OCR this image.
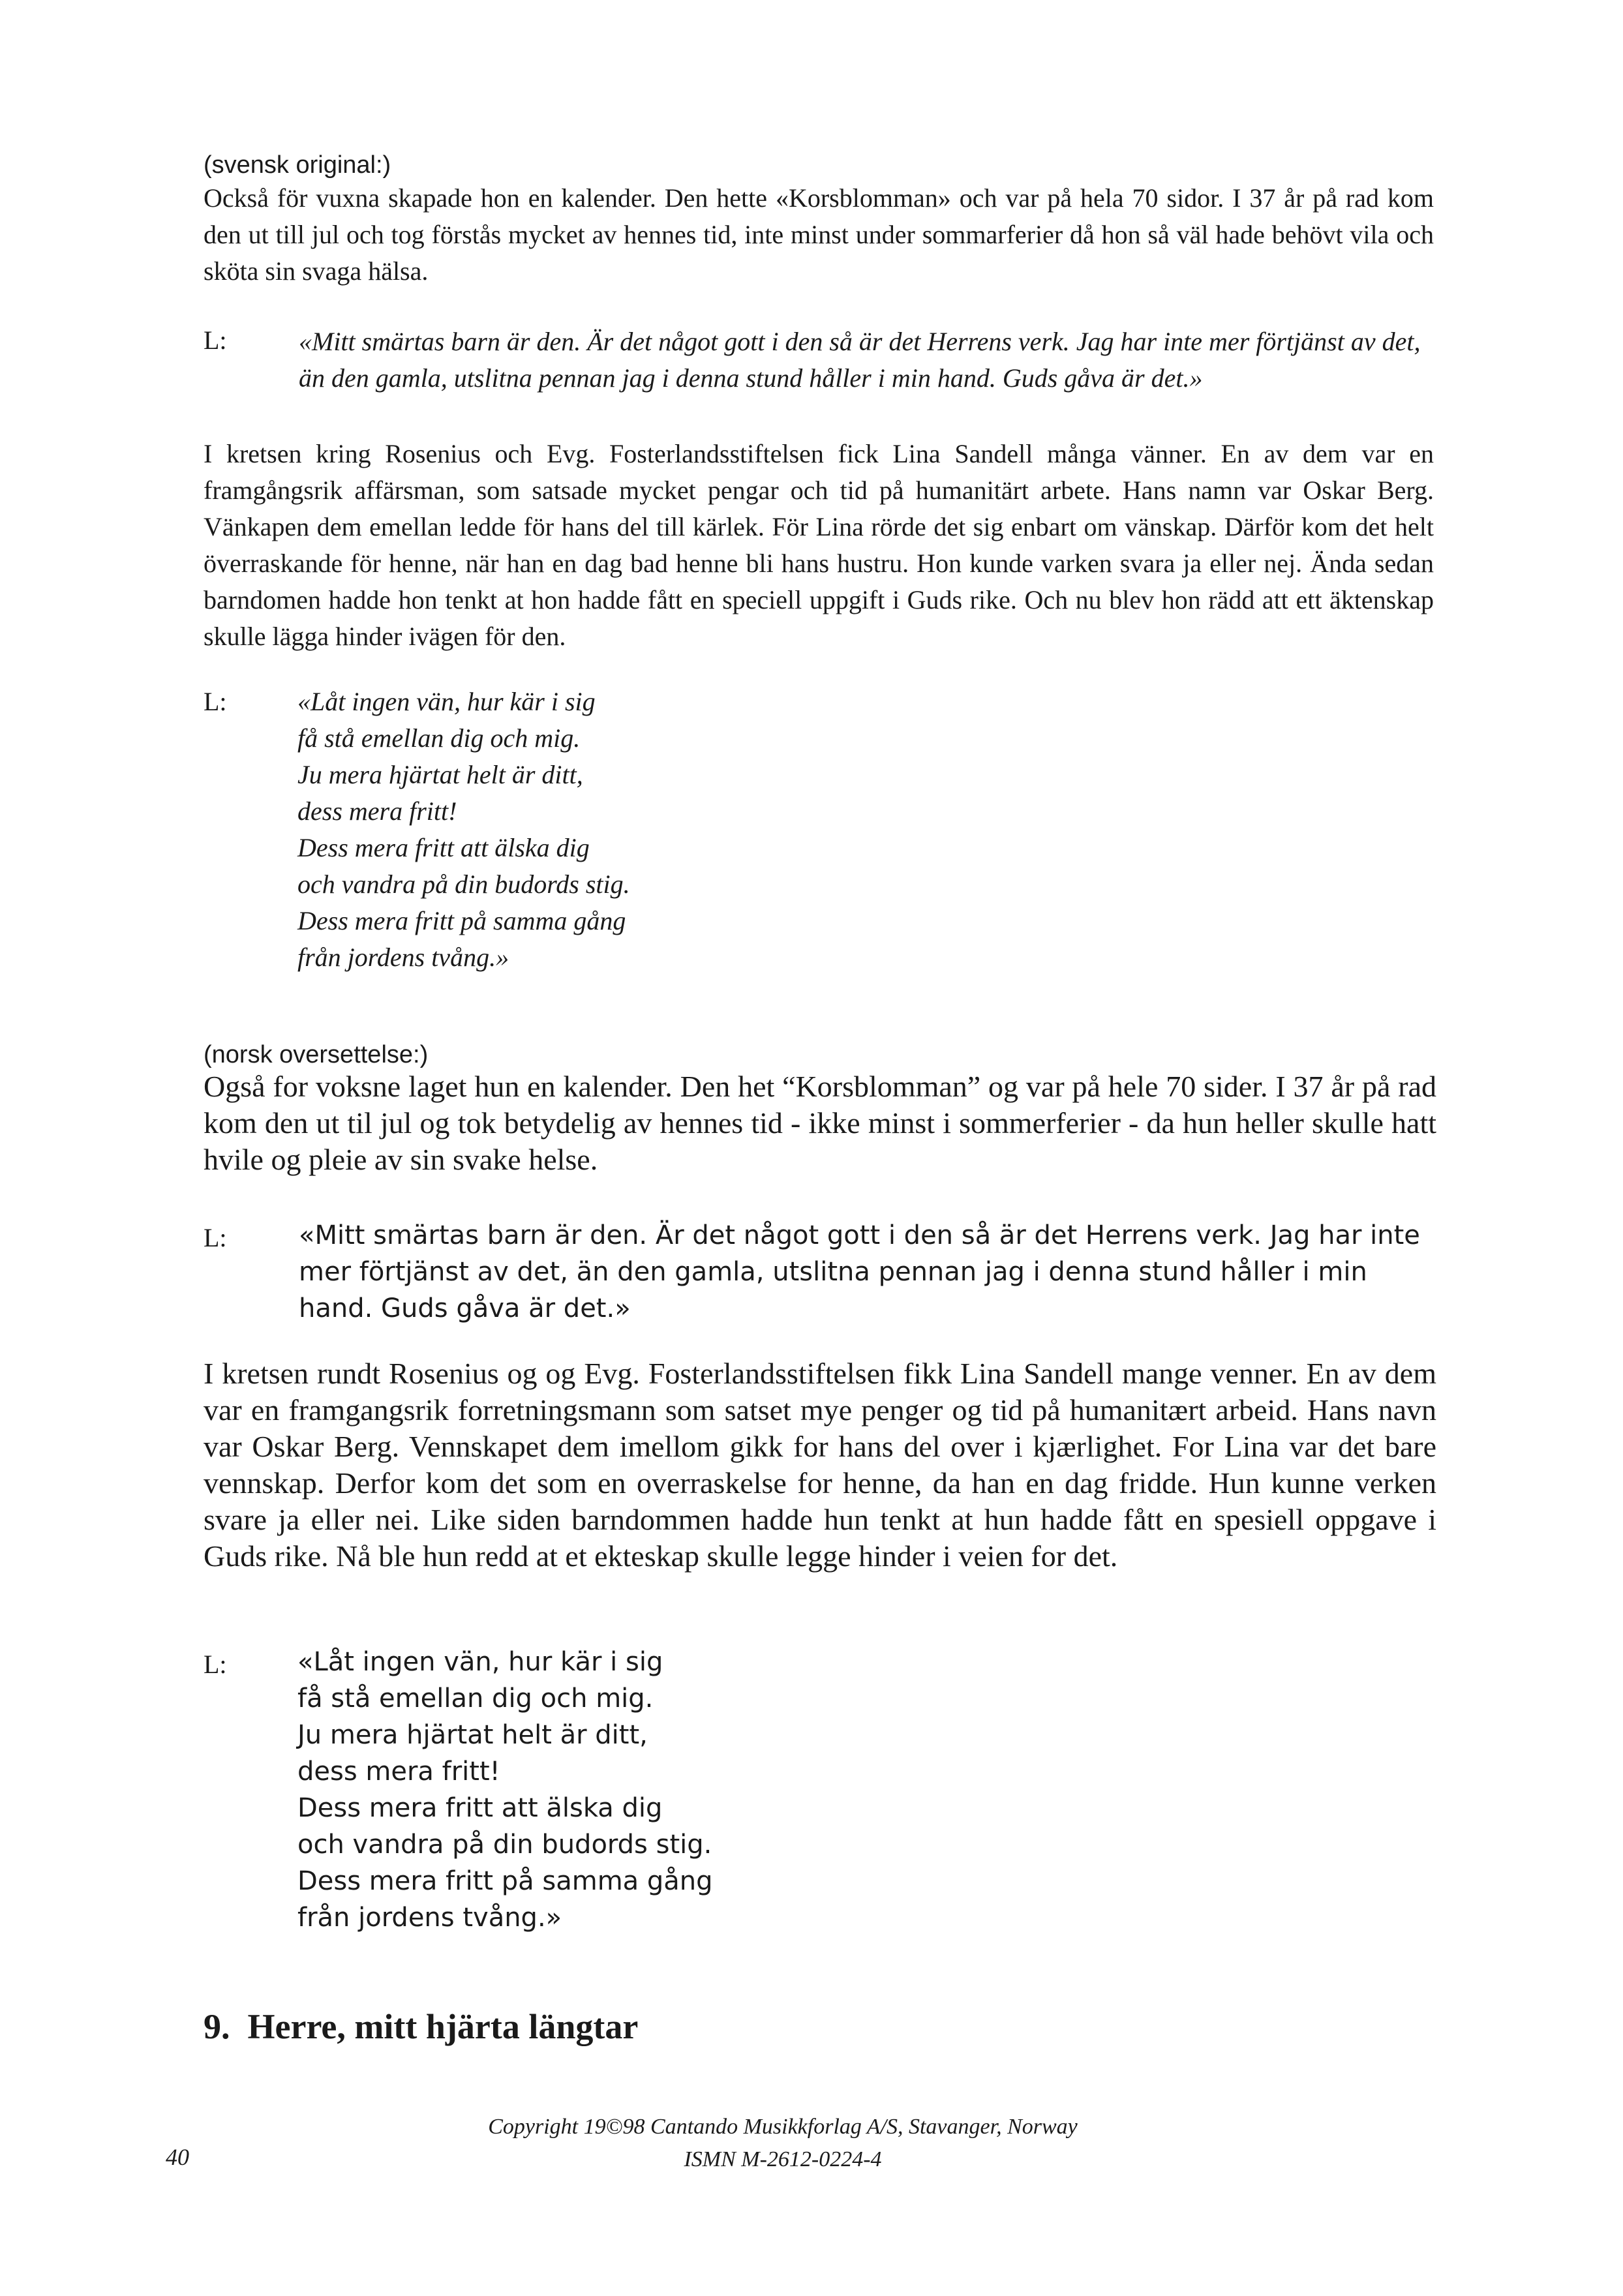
(svensk original:)
Också för vuxna skapade hon en kalender. Den hette «Korsblomman» och var på hela 70 sidor. I 37 år på rad kom den ut till jul och tog förstås mycket av hennes tid, inte minst under sommarferier då hon så väl hade behövt vila och sköta sin svaga hälsa.
L:	«Mitt smärtas barn är den. Är det något gott i den så är det Herrens verk. Jag har inte mer förtjänst av det, än den gamla, utslitna pennan jag i denna stund håller i min hand. Guds gåva är det.»
I kretsen kring Rosenius och Evg. Fosterlandsstiftelsen fick Lina Sandell många vänner. En av dem var en framgångsrik affärsman, som satsade mycket pengar och tid på humanitärt arbete. Hans namn var Oskar Berg. Vänkapen dem emellan ledde för hans del till kärlek. För Lina rörde det sig enbart om vänskap. Därför kom det helt överraskande för henne, när han en dag bad henne bli hans hustru. Hon kunde varken svara ja eller nej. Ända sedan barndomen hadde hon tenkt at hon hadde fått en speciell uppgift i Guds rike. Och nu blev hon rädd att ett äktenskap skulle lägga hinder ivägen för den.
L:	«Låt ingen vän, hur kär i sig
få stå emellan dig och mig.
Ju mera hjärtat helt är ditt,
dess mera fritt!
Dess mera fritt att älska dig
och vandra på din budords stig.
Dess mera fritt på samma gång
från jordens tvång.»
(norsk oversettelse:)
Også for voksne laget hun en kalender. Den het “Korsblomman” og var på hele 70 sider. I 37 år på rad kom den ut til jul og tok betydelig av hennes tid - ikke minst i sommerferier - da hun heller skulle hatt hvile og pleie av sin svake helse.
L:	«Mitt smärtas barn är den. Är det något gott i den så är det Herrens verk. Jag har inte mer förtjänst av det, än den gamla, utslitna pennan jag i denna stund håller i min hand. Guds gåva är det.»
I kretsen rundt Rosenius og og Evg. Fosterlandsstiftelsen fikk Lina Sandell mange venner. En av dem var en framgangsrik forretningsmann som satset mye penger og tid på humanitært arbeid. Hans navn var Oskar Berg. Vennskapet dem imellom gikk for hans del over i kjærlighet. For Lina var det bare vennskap. Derfor kom det som en overraskelse for henne, da han en dag fridde. Hun kunne verken svare ja eller nei. Like siden barndommen hadde hun tenkt at hun hadde fått en spesiell oppgave i Guds rike. Nå ble hun redd at et ekteskap skulle legge hinder i veien for det.
L:	«Låt ingen vän, hur kär i sig
få stå emellan dig och mig.
Ju mera hjärtat helt är ditt,
dess mera fritt!
Dess mera fritt att älska dig
och vandra på din budords stig.
Dess mera fritt på samma gång
från jordens tvång.»
9.  Herre, mitt hjärta längtar
40
Copyright 19©98 Cantando Musikkforlag A/S, Stavanger, Norway
ISMN M-2612-0224-4
